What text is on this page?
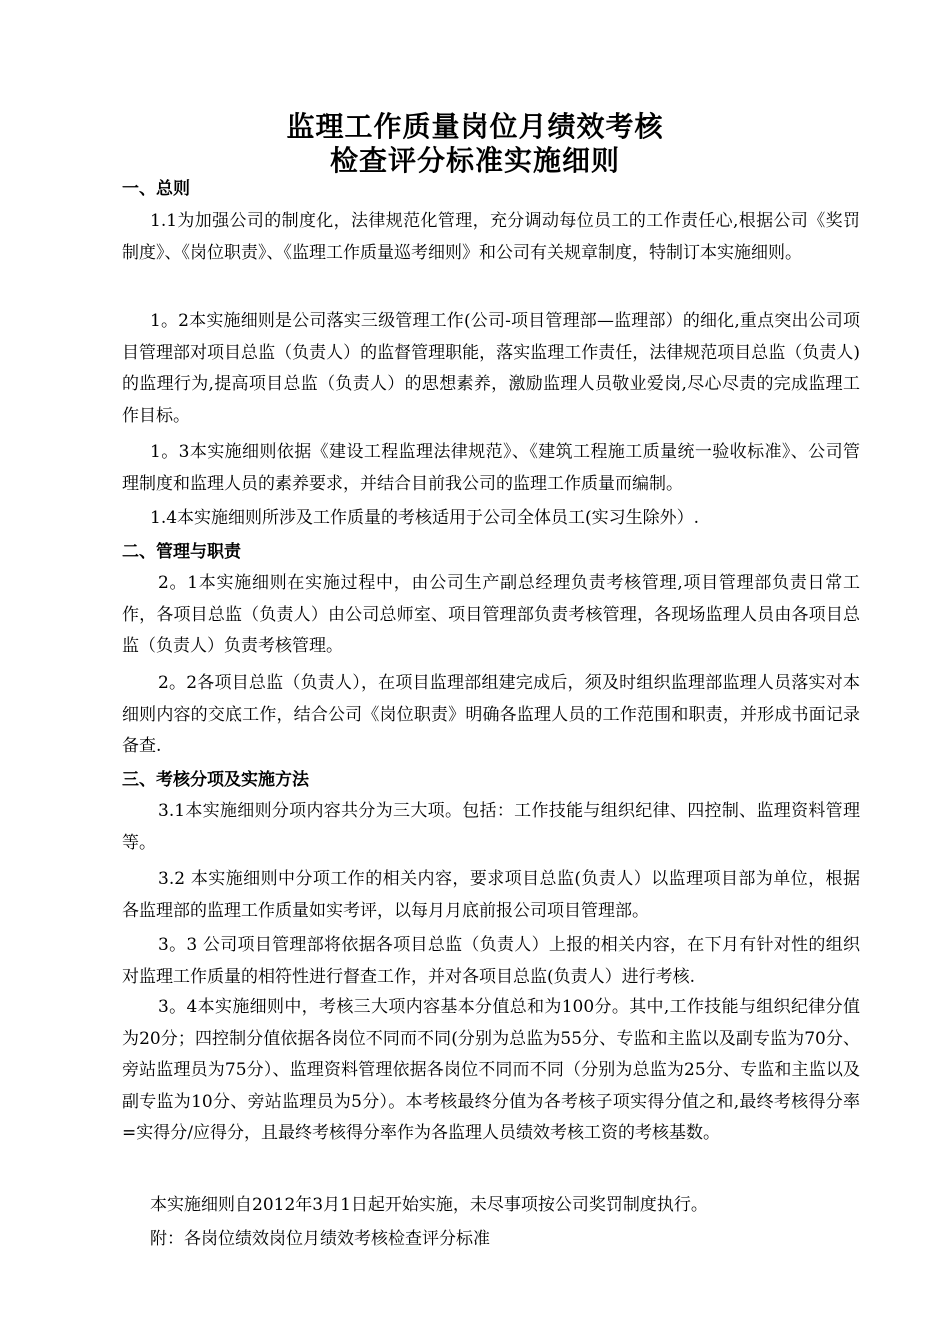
监理工作质量岗位月绩效考核
检查评分标准实施细则
一、总则

1.1为加强公司的制度化，法律规范化管理，充分调动每位员工的工作责任心,根据公司《奖罚制度》、《岗位职责》、《监理工作质量巡考细则》和公司有关规章制度，特制订本实施细则。

1。2本实施细则是公司落实三级管理工作(公司-项目管理部—监理部）的细化,重点突出公司项目管理部对项目总监（负责人）的监督管理职能，落实监理工作责任，法律规范项目总监（负责人)的监理行为,提高项目总监（负责人）的思想素养，激励监理人员敬业爱岗,尽心尽责的完成监理工作目标。

1。3本实施细则依据《建设工程监理法律规范》、《建筑工程施工质量统一验收标准》、公司管理制度和监理人员的素养要求，并结合目前我公司的监理工作质量而编制。

1.4本实施细则所涉及工作质量的考核适用于公司全体员工(实习生除外）.

二、管理与职责

2。1本实施细则在实施过程中，由公司生产副总经理负责考核管理,项目管理部负责日常工作，各项目总监（负责人）由公司总师室、项目管理部负责考核管理，各现场监理人员由各项目总监（负责人）负责考核管理。

2。2各项目总监（负责人），在项目监理部组建完成后，须及时组织监理部监理人员落实对本细则内容的交底工作，结合公司《岗位职责》明确各监理人员的工作范围和职责，并形成书面记录备查.

三、考核分项及实施方法

3.1本实施细则分项内容共分为三大项。包括：工作技能与组织纪律、四控制、监理资料管理等。

3.2 本实施细则中分项工作的相关内容，要求项目总监(负责人）以监理项目部为单位，根据各监理部的监理工作质量如实考评，以每月月底前报公司项目管理部。

3。3 公司项目管理部将依据各项目总监（负责人）上报的相关内容，在下月有针对性的组织对监理工作质量的相符性进行督查工作，并对各项目总监(负责人）进行考核.

3。4本实施细则中，考核三大项内容基本分值总和为100分。其中,工作技能与组织纪律分值为20分；四控制分值依据各岗位不同而不同(分别为总监为55分、专监和主监以及副专监为70分、旁站监理员为75分）、监理资料管理依据各岗位不同而不同（分别为总监为25分、专监和主监以及副专监为10分、旁站监理员为5分）。本考核最终分值为各考核子项实得分值之和,最终考核得分率=实得分/应得分，且最终考核得分率作为各监理人员绩效考核工资的考核基数。

本实施细则自2012年3月1日起开始实施，未尽事项按公司奖罚制度执行。

附：各岗位绩效岗位月绩效考核检查评分标准
